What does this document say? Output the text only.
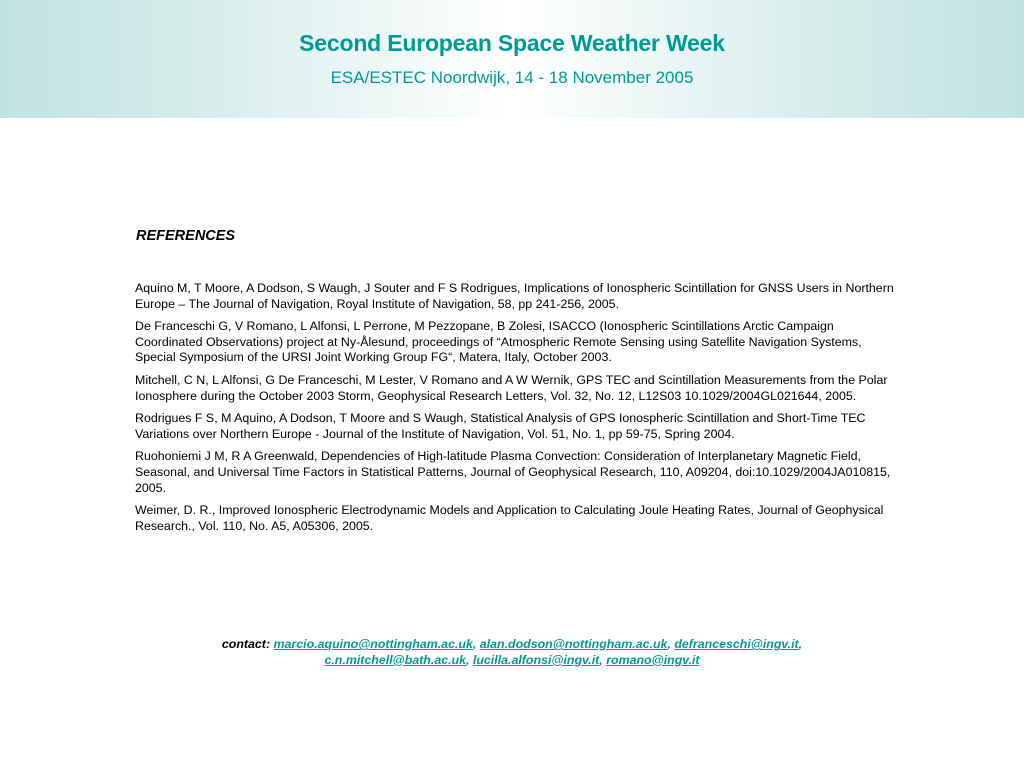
Second European Space Weather Week
ESA/ESTEC Noordwijk, 14 - 18 November 2005
REFERENCES
Aquino M, T Moore, A Dodson, S Waugh, J Souter and F S Rodrigues, Implications of Ionospheric Scintillation for GNSS Users in Northern Europe – The Journal of Navigation, Royal Institute of Navigation, 58, pp 241-256, 2005.
De Franceschi G, V Romano, L Alfonsi, L Perrone, M Pezzopane, B Zolesi, ISACCO (Ionospheric Scintillations Arctic Campaign Coordinated Observations) project at Ny-Ålesund, proceedings of “Atmospheric Remote Sensing using Satellite Navigation Systems, Special Symposium of the URSI Joint Working Group FG“, Matera, Italy, October 2003.
Mitchell, C N, L Alfonsi, G De Franceschi, M Lester, V Romano and A W Wernik, GPS TEC and Scintillation Measurements from the Polar Ionosphere during the October 2003 Storm, Geophysical Research Letters, Vol. 32, No. 12, L12S03 10.1029/2004GL021644, 2005.
Rodrigues F S, M Aquino, A Dodson, T Moore and S Waugh, Statistical Analysis of GPS Ionospheric Scintillation and Short-Time TEC Variations over Northern Europe - Journal of the Institute of Navigation, Vol. 51, No. 1, pp 59-75, Spring 2004.
Ruohoniemi J M, R A Greenwald, Dependencies of High-latitude Plasma Convection: Consideration of Interplanetary Magnetic Field, Seasonal, and Universal Time Factors in Statistical Patterns, Journal of Geophysical Research, 110, A09204, doi:10.1029/2004JA010815, 2005.
Weimer, D. R., Improved Ionospheric Electrodynamic Models and Application to Calculating Joule Heating Rates, Journal of Geophysical Research., Vol. 110, No. A5, A05306, 2005.
contact: marcio.aquino@nottingham.ac.uk, alan.dodson@nottingham.ac.uk, defranceschi@ingv.it,
c.n.mitchell@bath.ac.uk, lucilla.alfonsi@ingv.it, romano@ingv.it
